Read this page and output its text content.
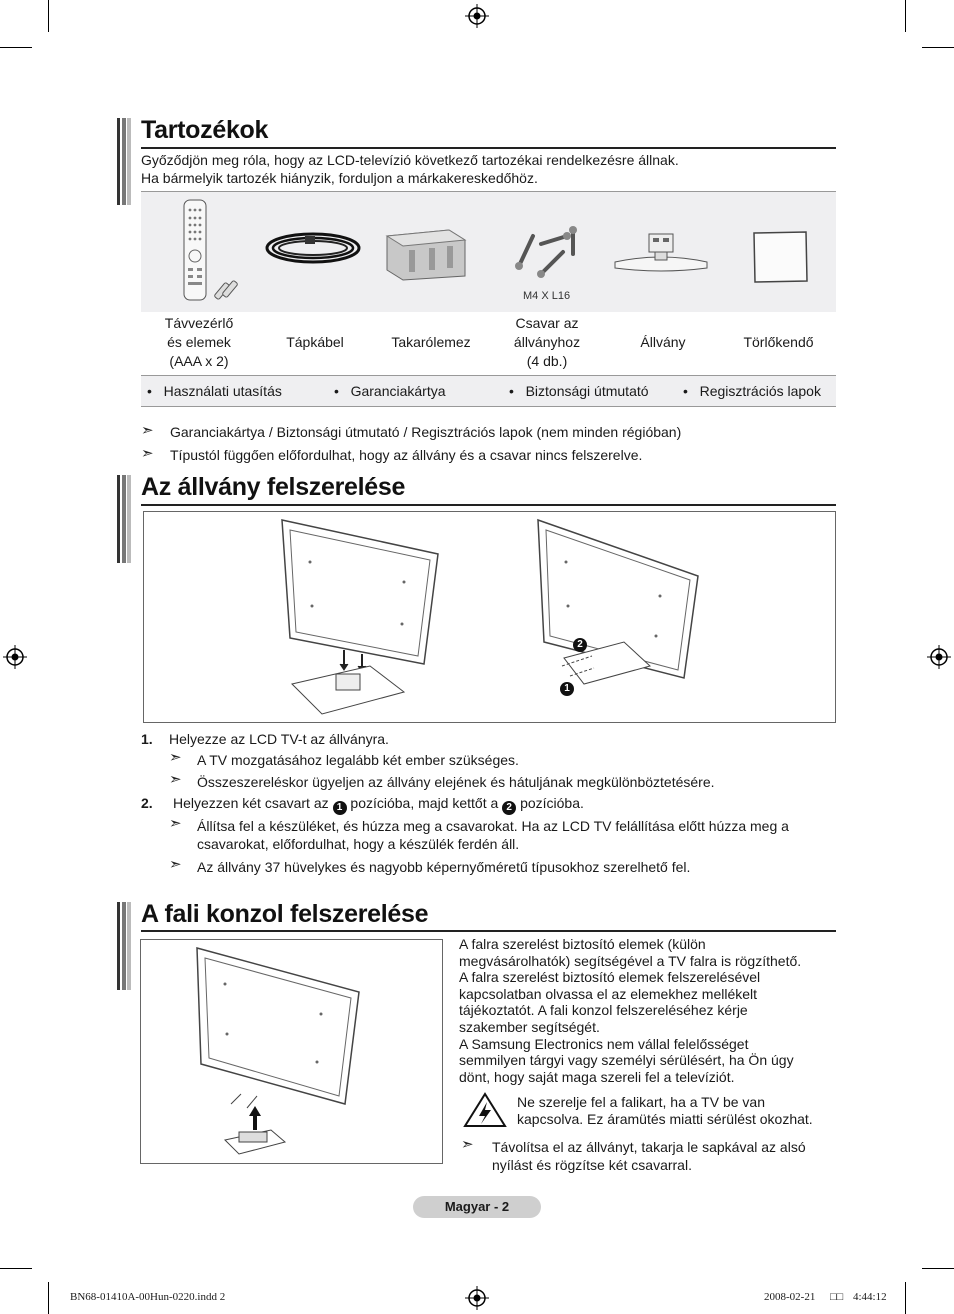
Tartozékok
Győződjön meg róla, hogy az LCD-televízió következő tartozékai rendelkezésre állnak.
Ha bármelyik tartozék hiányzik, forduljon a márkakereskedőhöz.
M4 X L16
Távvezérlő
és elemek
(AAA x 2)
Tápkábel	Takarólemez
Csavar az
állványhoz
(4 db.)
Állvány	Törlőkendő
• Használati utasítás	• Garanciakártya	• Biztonsági útmutató • Regisztrációs lapok
➣ Garanciakártya / Biztonsági útmutató / Regisztrációs lapok (nem minden régióban)
➣ Típustól függően előfordulhat, hogy az állvány és a csavar nincs felszerelve.
Az állvány felszerelése
2
1
1. Helyezze az LCD TV-t az állványra.
➣ A TV mozgatásához legalább két ember szükséges.
➣ Összeszereléskor ügyeljen az állvány elejének és hátuljának megkülönböztetésére.
2. Helyezzen két csavart az 1 pozícióba, majd kettőt a 2 pozícióba.
➣ Állítsa fel a készüléket, és húzza meg a csavarokat. Ha az LCD TV felállítása előtt húzza meg a
csavarokat, előfordulhat, hogy a készülék ferdén áll.
➣ Az állvány 37 hüvelykes és nagyobb képernyőméretű típusokhoz szerelhető fel.
A fali konzol felszerelése
A falra szerelést biztosító elemek (külön
megvásárolhatók) segítségével a TV falra is rögzíthető.
A falra szerelést biztosító elemek felszerelésével
kapcsolatban olvassa el az elemekhez mellékelt
tájékoztatót. A fali konzol felszereléséhez kérje
szakember segítségét.
A Samsung Electronics nem vállal felelősséget
semmilyen tárgyi vagy személyi sérülésért, ha Ön úgy
dönt, hogy saját maga szereli fel a televíziót.
Ne szerelje fel a falikart, ha a TV be van
kapcsolva. Ez áramütés miatti sérülést okozhat.
➣ Távolítsa el az állványt, takarja le sapkával az alsó
nyílást és rögzítse két csavarral.
Magyar - 2
BN68-01410A-00Hun-0220.indd 2	2008-02-21 □□ 4:44:12
